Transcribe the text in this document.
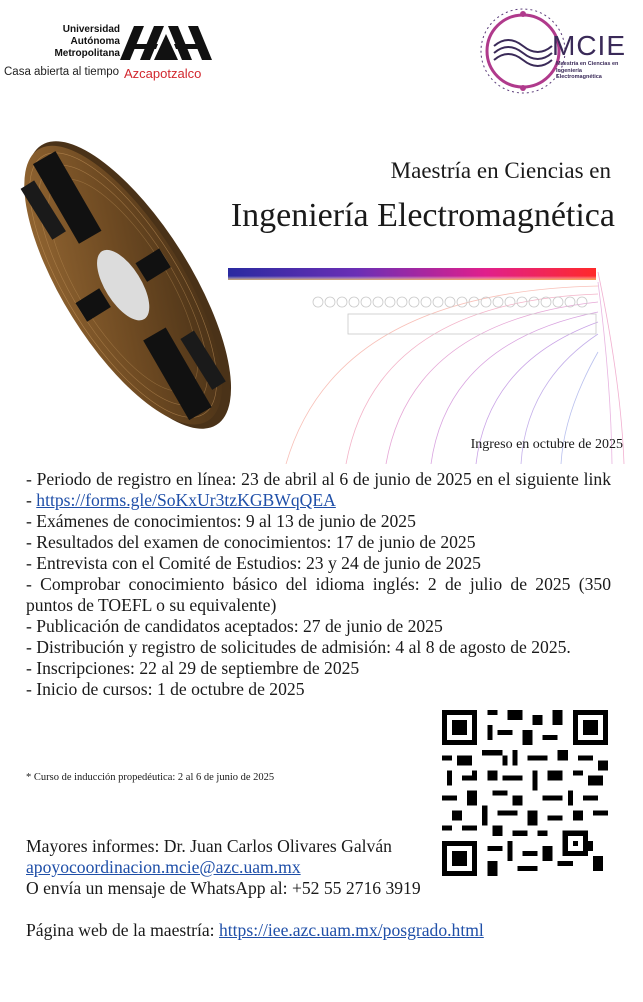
Universidad
Autónoma
Metropolitana
Casa abierta al tiempo Azcapotzalco
MCIE
Maestría en Ciencias en Ingeniería Electromagnética
Maestría en Ciencias en
Ingeniería Electromagnética
Ingreso en octubre de 2025

- Periodo de registro en línea: 23 de abril al 6 de junio de 2025 en el siguiente link - https://forms.gle/SoKxUr3tzKGBWqQEA

- Exámenes de conocimientos: 9 al 13 de junio de 2025

- Resultados del examen de conocimientos: 17 de junio de 2025

- Entrevista con el Comité de Estudios: 23 y 24 de junio de 2025

- Comprobar conocimiento básico del idioma inglés: 2 de julio de 2025 (350 puntos de TOEFL o su equivalente)

- Publicación de candidatos aceptados: 27 de junio de 2025

- Distribución y registro de solicitudes de admisión: 4 al 8 de agosto de 2025.

- Inscripciones: 22 al 29 de septiembre de 2025

- Inicio de cursos: 1 de octubre de 2025

* Curso de inducción propedéutica: 2 al 6 de junio de 2025

Mayores informes: Dr. Juan Carlos Olivares Galván

apoyocoordinacion.mcie@azc.uam.mx

O envía un mensaje de WhatsApp al: +52 55 2716 3919

Página web de la maestría: https://iee.azc.uam.mx/posgrado.html
